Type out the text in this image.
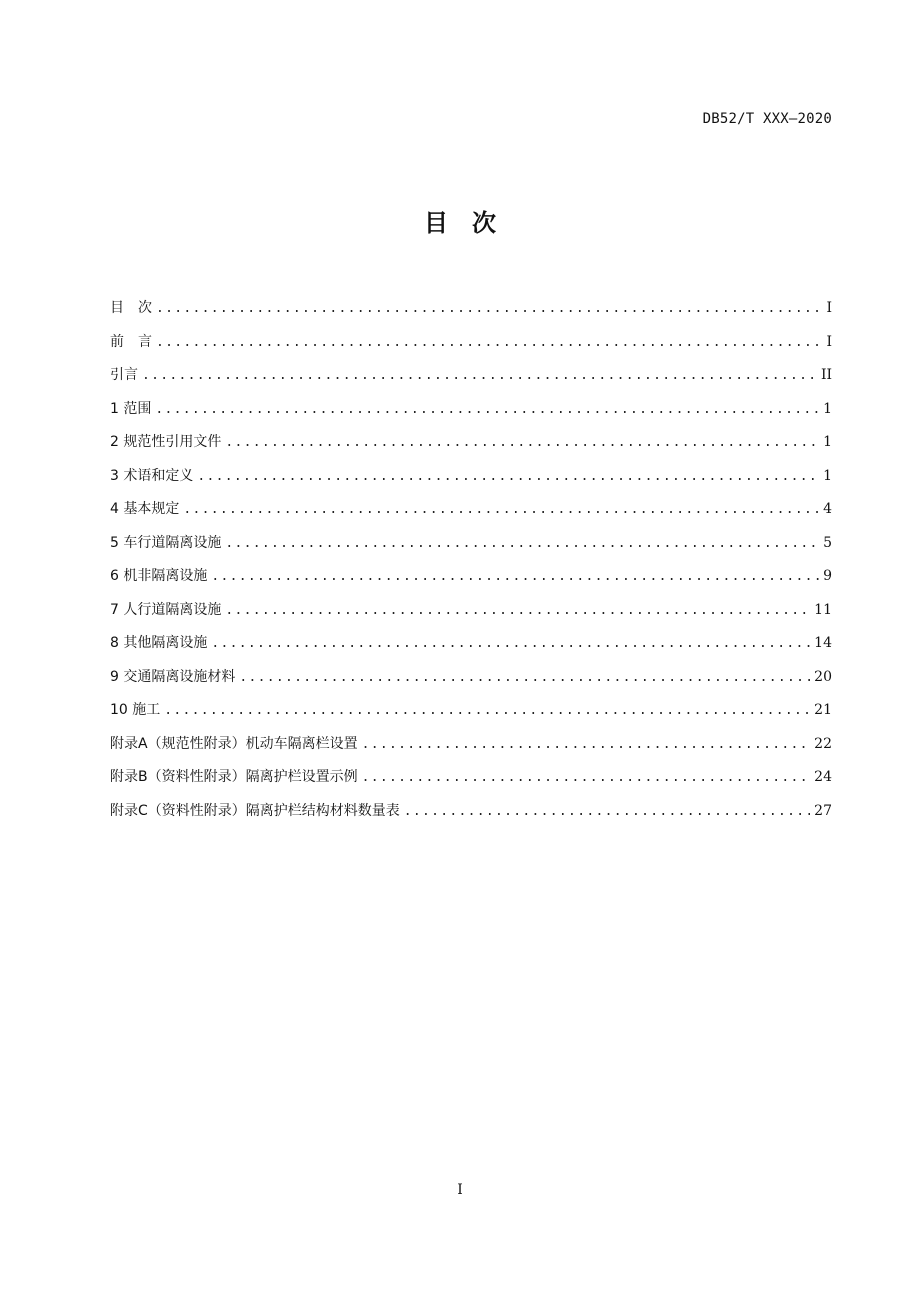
DB52/T XXX—2020
目 次
目　次 .....	I
前　言 .....	I
引言 .....	II
1 范围 .....	1
2 规范性引用文件 .....	1
3 术语和定义 .....	1
4 基本规定 .....	4
5 车行道隔离设施 .....	5
6 机非隔离设施 .....	9
7 人行道隔离设施 .....	11
8 其他隔离设施 .....	14
9 交通隔离设施材料 .....	20
10 施工 .....	21
附录A（规范性附录）机动车隔离栏设置 .....	22
附录B（资料性附录）隔离护栏设置示例 .....	24
附录C（资料性附录）隔离护栏结构材料数量表 .....	27
I
